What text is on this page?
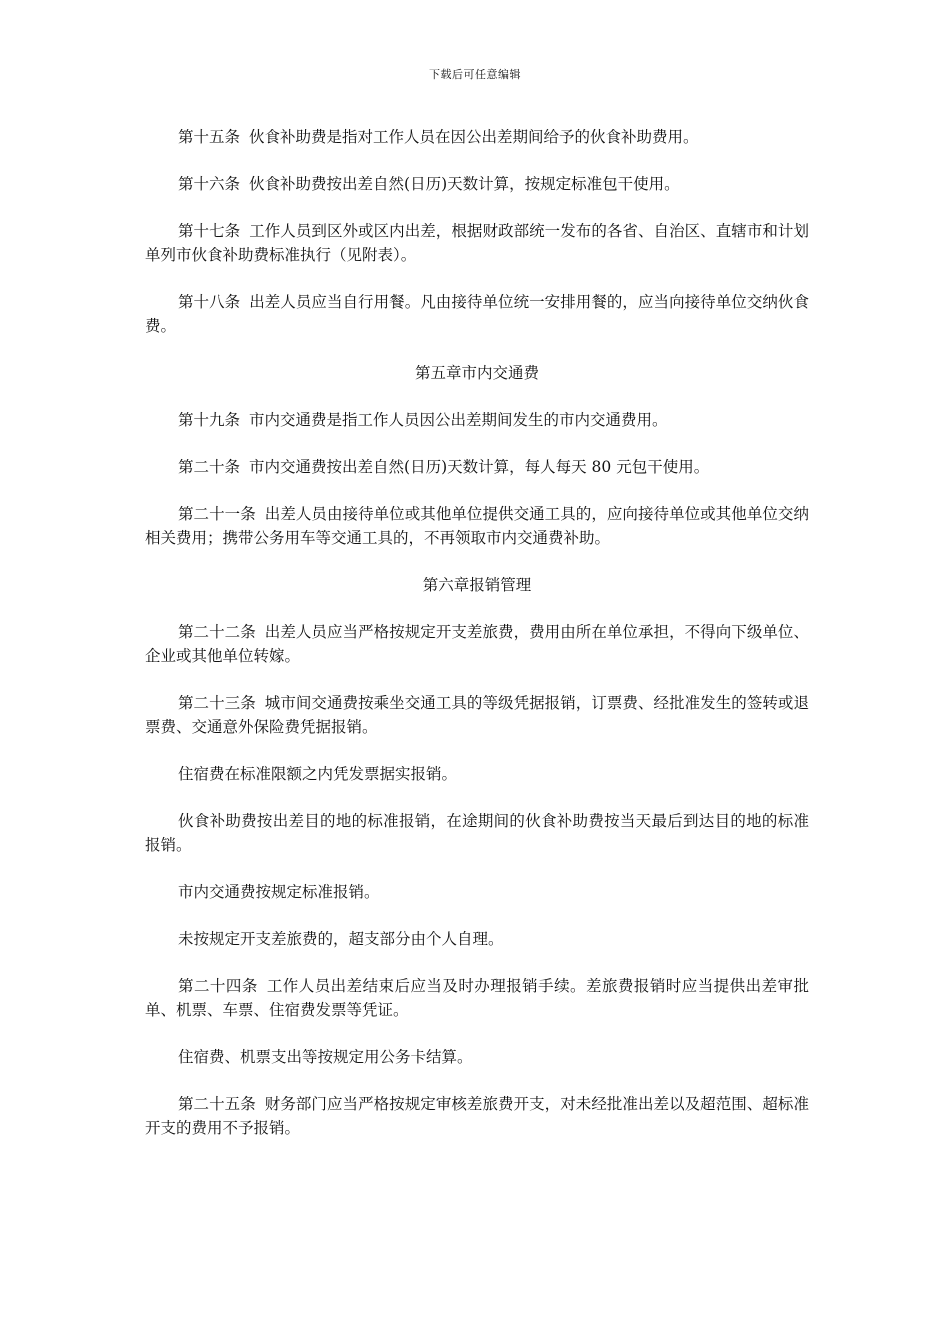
下载后可任意编辑

第十五条 伙食补助费是指对工作人员在因公出差期间给予的伙食补助费用。

第十六条 伙食补助费按出差自然(日历)天数计算，按规定标准包干使用。

第十七条 工作人员到区外或区内出差，根据财政部统一发布的各省、自治区、直辖市和计划单列市伙食补助费标准执行（见附表）。

第十八条 出差人员应当自行用餐。凡由接待单位统一安排用餐的，应当向接待单位交纳伙食费。

第五章市内交通费

第十九条 市内交通费是指工作人员因公出差期间发生的市内交通费用。

第二十条 市内交通费按出差自然(日历)天数计算，每人每天 80 元包干使用。

第二十一条 出差人员由接待单位或其他单位提供交通工具的，应向接待单位或其他单位交纳相关费用；携带公务用车等交通工具的，不再领取市内交通费补助。

第六章报销管理

第二十二条 出差人员应当严格按规定开支差旅费，费用由所在单位承担，不得向下级单位、企业或其他单位转嫁。

第二十三条 城市间交通费按乘坐交通工具的等级凭据报销，订票费、经批准发生的签转或退票费、交通意外保险费凭据报销。

住宿费在标准限额之内凭发票据实报销。

伙食补助费按出差目的地的标准报销，在途期间的伙食补助费按当天最后到达目的地的标准报销。

市内交通费按规定标准报销。

未按规定开支差旅费的，超支部分由个人自理。

第二十四条 工作人员出差结束后应当及时办理报销手续。差旅费报销时应当提供出差审批单、机票、车票、住宿费发票等凭证。

住宿费、机票支出等按规定用公务卡结算。

第二十五条 财务部门应当严格按规定审核差旅费开支，对未经批准出差以及超范围、超标准开支的费用不予报销。
